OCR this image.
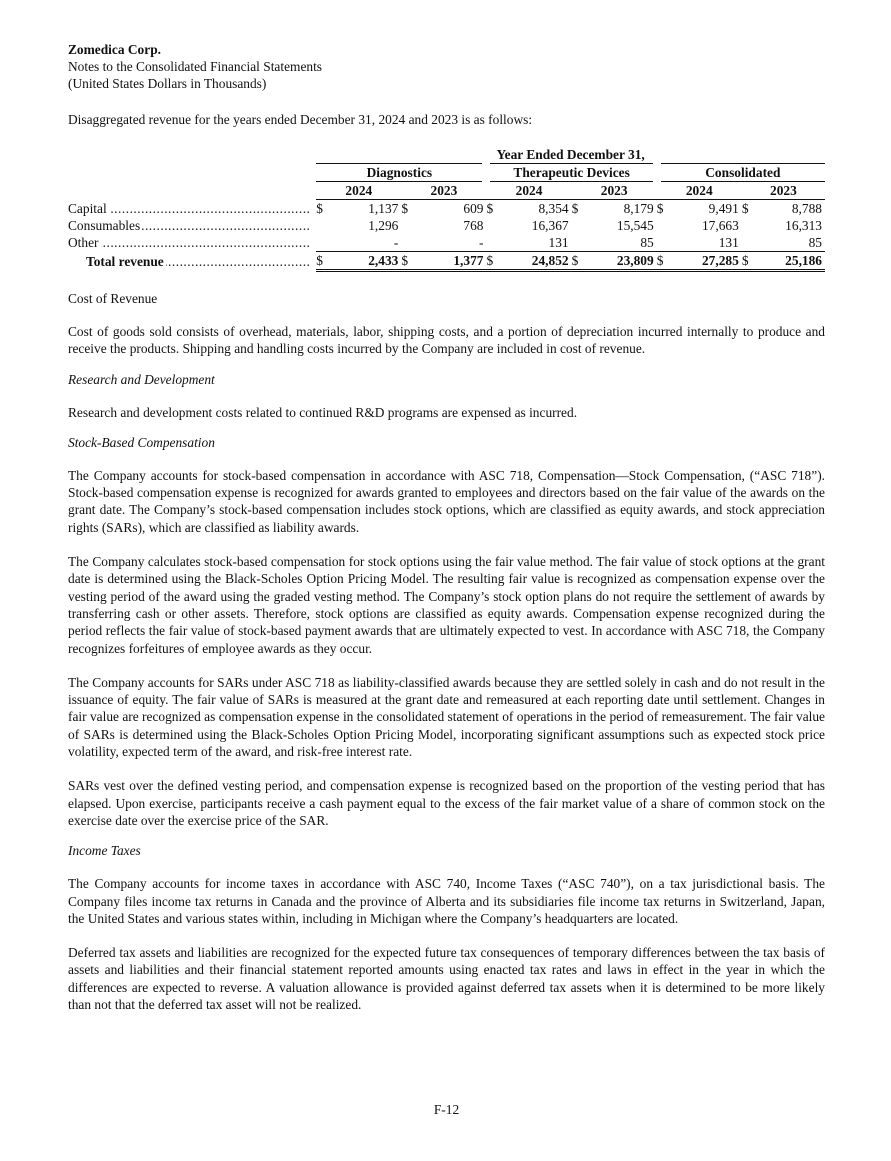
Zomedica Corp.

Notes to the Consolidated Financial Statements

(United States Dollars in Thousands)

Disaggregated revenue for the years ended December 31, 2024 and 2023 is as follows:

		Year Ended December 31,											
		Diagnostics				Therapeutic Devices				Consolidated			
		2024		2023		2024		2023		2024		2023	

Capital .....		$	1,137	$	609	$	8,354	$	8,179	$	9,491	$	8,788

Consumables .....			1,296		768		16,367		15,545		17,663		16,313

Other .....			-		-		131		85		131		85

Total revenue .....		$	2,433	$	1,377	$	24,852	$	23,809	$	27,285	$	25,186

Cost of Revenue

Cost of goods sold consists of overhead, materials, labor, shipping costs, and a portion of depreciation incurred internally to produce and receive the products. Shipping and handling costs incurred by the Company are included in cost of revenue.

Research and Development

Research and development costs related to continued R&D programs are expensed as incurred.

Stock-Based Compensation

The Company accounts for stock-based compensation in accordance with ASC 718, Compensation—Stock Compensation, (“ASC 718”). Stock-based compensation expense is recognized for awards granted to employees and directors based on the fair value of the awards on the grant date. The Company’s stock-based compensation includes stock options, which are classified as equity awards, and stock appreciation rights (SARs), which are classified as liability awards.

The Company calculates stock-based compensation for stock options using the fair value method. The fair value of stock options at the grant date is determined using the Black-Scholes Option Pricing Model. The resulting fair value is recognized as compensation expense over the vesting period of the award using the graded vesting method. The Company’s stock option plans do not require the settlement of awards by transferring cash or other assets. Therefore, stock options are classified as equity awards. Compensation expense recognized during the period reflects the fair value of stock-based payment awards that are ultimately expected to vest. In accordance with ASC 718, the Company recognizes forfeitures of employee awards as they occur.

The Company accounts for SARs under ASC 718 as liability-classified awards because they are settled solely in cash and do not result in the issuance of equity. The fair value of SARs is measured at the grant date and remeasured at each reporting date until settlement. Changes in fair value are recognized as compensation expense in the consolidated statement of operations in the period of remeasurement. The fair value of SARs is determined using the Black-Scholes Option Pricing Model, incorporating significant assumptions such as expected stock price volatility, expected term of the award, and risk-free interest rate.

SARs vest over the defined vesting period, and compensation expense is recognized based on the proportion of the vesting period that has elapsed. Upon exercise, participants receive a cash payment equal to the excess of the fair market value of a share of common stock on the exercise date over the exercise price of the SAR.

Income Taxes

The Company accounts for income taxes in accordance with ASC 740, Income Taxes (“ASC 740”), on a tax jurisdictional basis. The Company files income tax returns in Canada and the province of Alberta and its subsidiaries file income tax returns in Switzerland, Japan, the United States and various states within, including in Michigan where the Company’s headquarters are located.

Deferred tax assets and liabilities are recognized for the expected future tax consequences of temporary differences between the tax basis of assets and liabilities and their financial statement reported amounts using enacted tax rates and laws in effect in the year in which the differences are expected to reverse. A valuation allowance is provided against deferred tax assets when it is determined to be more likely than not that the deferred tax asset will not be realized.

F-12
